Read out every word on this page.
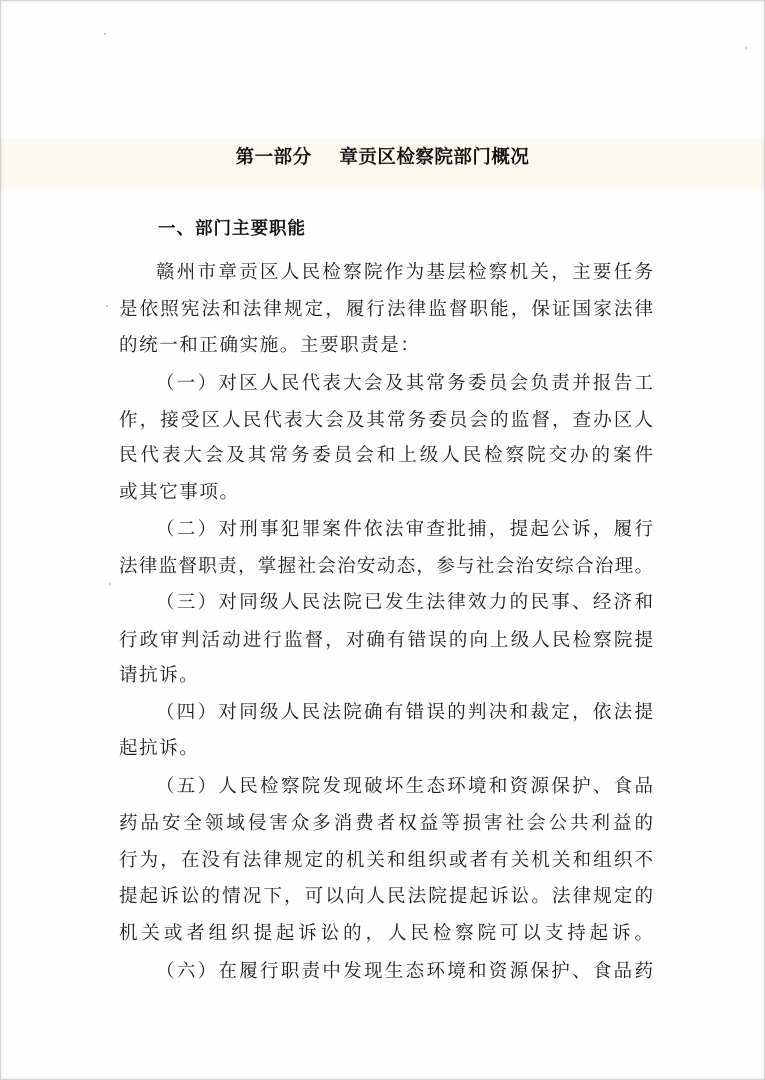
第一部分    章贡区检察院部门概况
一、部门主要职能
赣州市章贡区人民检察院作为基层检察机关，主要任务
是依照宪法和法律规定，履行法律监督职能，保证国家法律
的统一和正确实施。主要职责是：
（一）对区人民代表大会及其常务委员会负责并报告工
作，接受区人民代表大会及其常务委员会的监督，查办区人
民代表大会及其常务委员会和上级人民检察院交办的案件
或其它事项。
（二）对刑事犯罪案件依法审查批捕，提起公诉，履行
法律监督职责，掌握社会治安动态，参与社会治安综合治理。
（三）对同级人民法院已发生法律效力的民事、经济和
行政审判活动进行监督，对确有错误的向上级人民检察院提
请抗诉。
（四）对同级人民法院确有错误的判决和裁定，依法提
起抗诉。
（五）人民检察院发现破坏生态环境和资源保护、食品
药品安全领域侵害众多消费者权益等损害社会公共利益的
行为，在没有法律规定的机关和组织或者有关机关和组织不
提起诉讼的情况下，可以向人民法院提起诉讼。法律规定的
机关或者组织提起诉讼的，人民检察院可以支持起诉。
（六）在履行职责中发现生态环境和资源保护、食品药
